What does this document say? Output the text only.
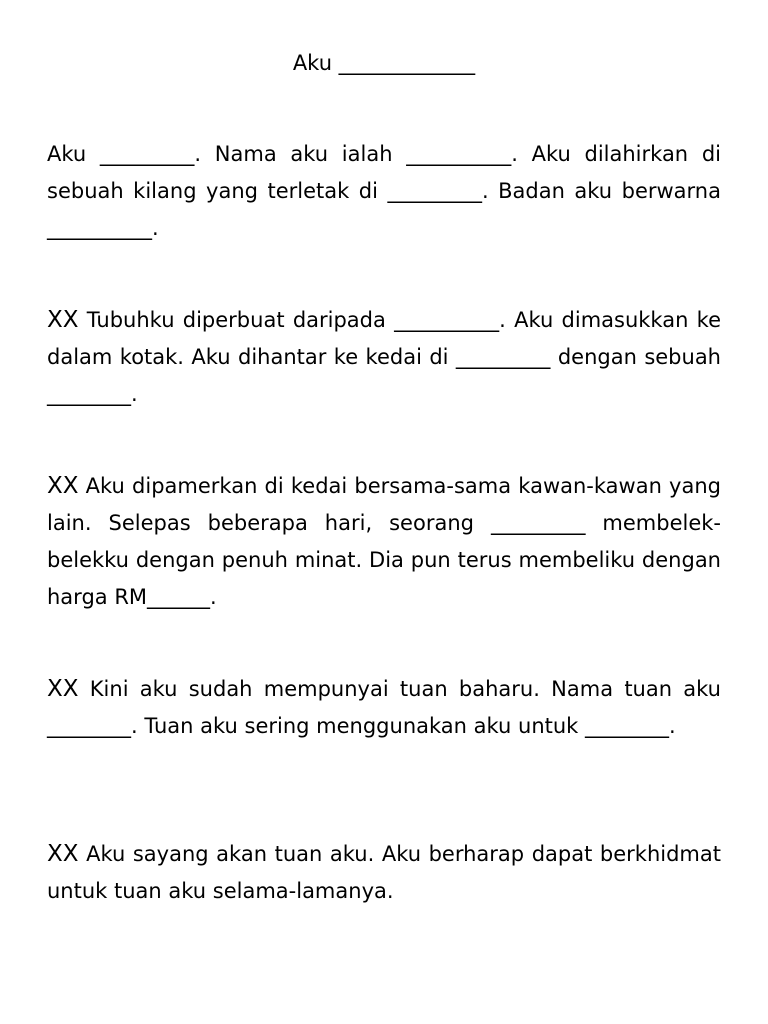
Aku _____________
Aku _________. Nama aku ialah __________. Aku dilahirkan di sebuah kilang yang terletak di _________. Badan aku berwarna __________.
XX Tubuhku diperbuat daripada __________. Aku dimasukkan ke dalam kotak. Aku dihantar ke kedai di _________ dengan sebuah ________.
XX Aku dipamerkan di kedai bersama-sama kawan-kawan yang lain. Selepas beberapa hari, seorang _________ membelek-belekku dengan penuh minat. Dia pun terus membeliku dengan harga RM______.
XX Kini aku sudah mempunyai tuan baharu. Nama tuan aku ________. Tuan aku sering menggunakan aku untuk ________.
XX Aku sayang akan tuan aku. Aku berharap dapat berkhidmat untuk tuan aku selama-lamanya.
